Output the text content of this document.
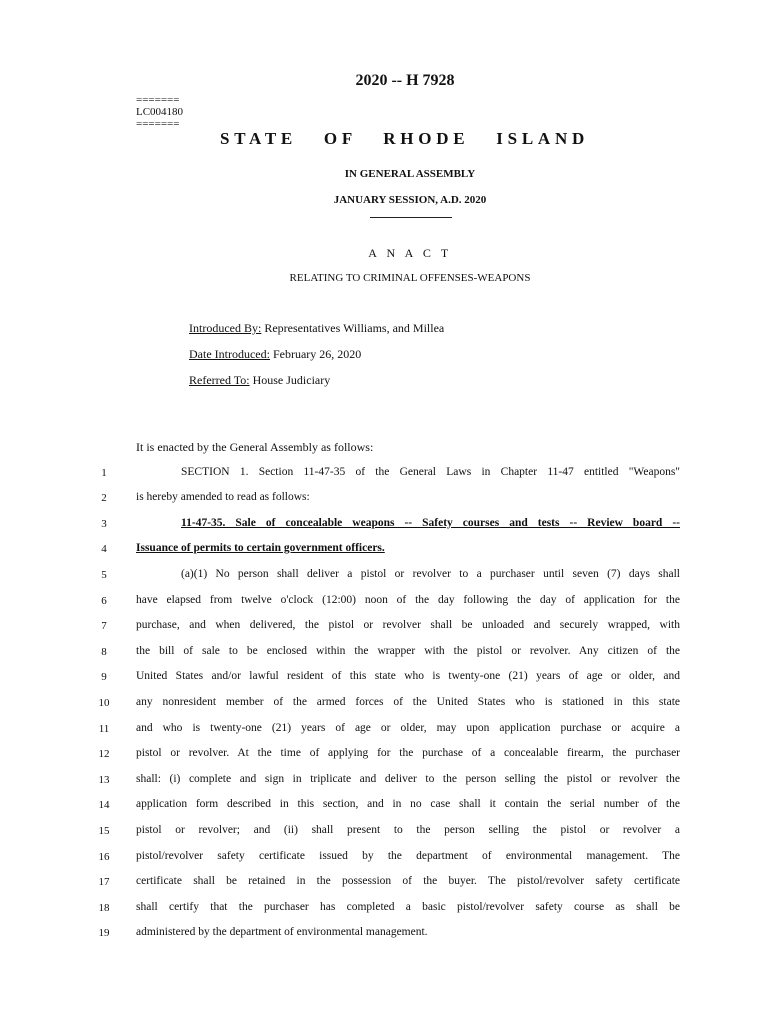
2020 -- H 7928
=======
LC004180
=======
STATE OF RHODE ISLAND
IN GENERAL ASSEMBLY
JANUARY SESSION, A.D. 2020
A N A C T
RELATING TO CRIMINAL OFFENSES-WEAPONS
Introduced By: Representatives Williams, and Millea
Date Introduced: February 26, 2020
Referred To: House Judiciary
It is enacted by the General Assembly as follows:
1	SECTION 1. Section 11-47-35 of the General Laws in Chapter 11-47 entitled "Weapons"
2	is hereby amended to read as follows:
3	11-47-35. Sale of concealable weapons -- Safety courses and tests -- Review board --
4	Issuance of permits to certain government officers.
5	(a)(1) No person shall deliver a pistol or revolver to a purchaser until seven (7) days shall
6	have elapsed from twelve o'clock (12:00) noon of the day following the day of application for the
7	purchase, and when delivered, the pistol or revolver shall be unloaded and securely wrapped, with
8	the bill of sale to be enclosed within the wrapper with the pistol or revolver. Any citizen of the
9	United States and/or lawful resident of this state who is twenty-one (21) years of age or older, and
10	any nonresident member of the armed forces of the United States who is stationed in this state
11	and who is twenty-one (21) years of age or older, may upon application purchase or acquire a
12	pistol or revolver. At the time of applying for the purchase of a concealable firearm, the purchaser
13	shall: (i) complete and sign in triplicate and deliver to the person selling the pistol or revolver the
14	application form described in this section, and in no case shall it contain the serial number of the
15	pistol or revolver; and (ii) shall present to the person selling the pistol or revolver a
16	pistol/revolver safety certificate issued by the department of environmental management. The
17	certificate shall be retained in the possession of the buyer. The pistol/revolver safety certificate
18	shall certify that the purchaser has completed a basic pistol/revolver safety course as shall be
19	administered by the department of environmental management.
